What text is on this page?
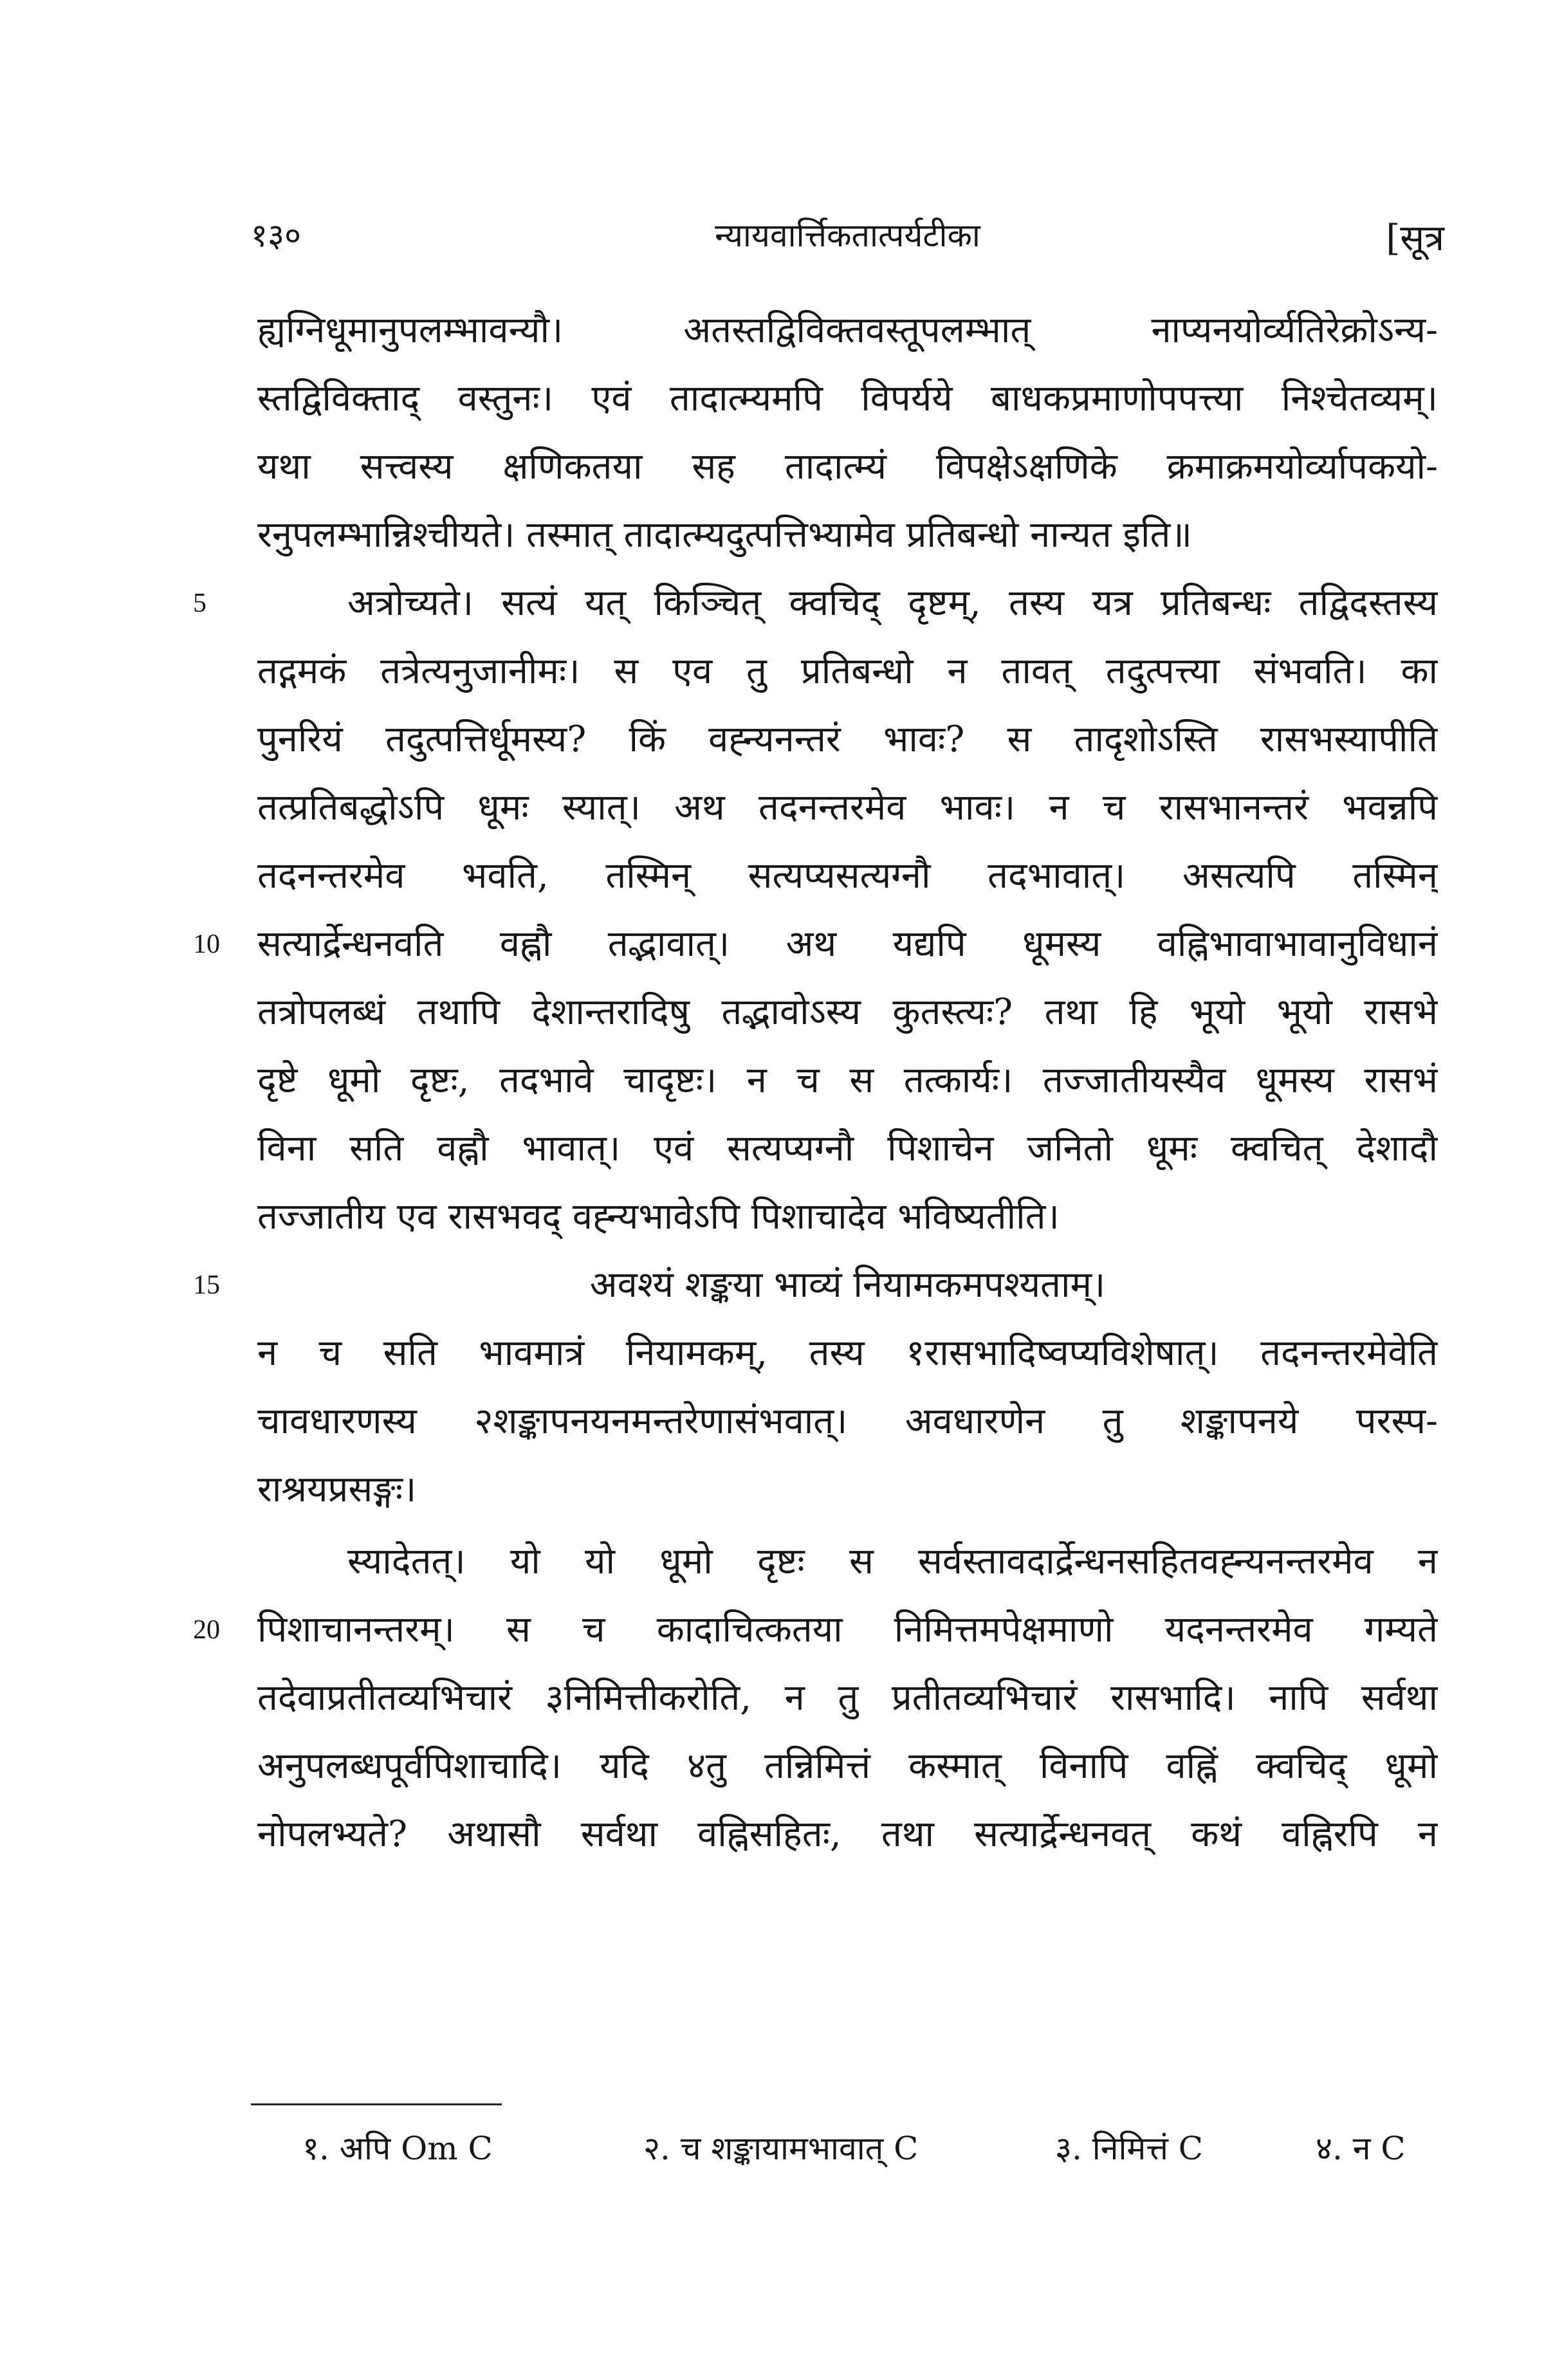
१३०	न्यायवार्त्तिकतात्पर्यटीका	[सूत्र
ह्यग्निधूमानुपलम्भावन्यौ। अतस्तद्विविक्तवस्तूपलम्भात् नाप्यनयोर्व्यतिरेक्रोऽन्य-
स्तद्विविक्ताद् वस्तुनः। एवं तादात्म्यमपि विपर्यये बाधकप्रमाणोपपत्त्या निश्चेतव्यम्।
यथा सत्त्वस्य क्षणिकतया सह तादात्म्यं विपक्षेऽक्षणिके क्रमाक्रमयोर्व्यापकयो-
रनुपलम्भान्निश्चीयते। तस्मात् तादात्म्यदुत्पत्तिभ्यामेव प्रतिबन्धो नान्यत इति॥
5	अत्रोच्यते। सत्यं यत् किञ्चित् क्वचिद् दृष्टम्, तस्य यत्र प्रतिबन्धः तद्विदस्तस्य
तद्गमकं तत्रेत्यनुजानीमः। स एव तु प्रतिबन्धो न तावत् तदुत्पत्त्या संभवति। का
पुनरियं तदुत्पत्तिर्धूमस्य? किं वह्न्यनन्तरं भावः? स तादृशोऽस्ति रासभस्यापीति
तत्प्रतिबद्धोऽपि धूमः स्यात्। अथ तदनन्तरमेव भावः। न च रासभानन्तरं भवन्नपि
तदनन्तरमेव भवति, तस्मिन् सत्यप्यसत्यग्नौ तदभावात्। असत्यपि तस्मिन्
10 सत्यार्द्रेन्धनवति वह्नौ तद्भावात्। अथ यद्यपि धूमस्य वह्निभावाभावानुविधानं
तत्रोपलब्धं तथापि देशान्तरादिषु तद्भावोऽस्य कुतस्त्यः? तथा हि भूयो भूयो रासभे
दृष्टे धूमो दृष्टः, तदभावे चादृष्टः। न च स तत्कार्यः। तज्जातीयस्यैव धूमस्य रासभं
विना सति वह्नौ भावात्। एवं सत्यप्यग्नौ पिशाचेन जनितो धूमः क्वचित् देशादौ
तज्जातीय एव रासभवद् वह्न्यभावेऽपि पिशाचादेव भविष्यतीति।
15	अवश्यं शङ्कया भाव्यं नियामकमपश्यताम्।
न च सति भावमात्रं नियामकम्, तस्य १रासभादिष्वप्यविशेषात्। तदनन्तरमेवेति
चावधारणस्य २शङ्कापनयनमन्तरेणासंभवात्। अवधारणेन तु शङ्कापनये परस्प-
राश्रयप्रसङ्गः।
स्यादेतत्। यो यो धूमो दृष्टः स सर्वस्तावदार्द्रेन्धनसहितवह्न्यनन्तरमेव न
20 पिशाचानन्तरम्। स च कादाचित्कतया निमित्तमपेक्षमाणो यदनन्तरमेव गम्यते
तदेवाप्रतीतव्यभिचारं ३निमित्तीकरोति, न तु प्रतीतव्यभिचारं रासभादि। नापि सर्वथा
अनुपलब्धपूर्वपिशाचादि। यदि ४तु तन्निमित्तं कस्मात् विनापि वह्निं क्वचिद् धूमो
नोपलभ्यते? अथासौ सर्वथा वह्निसहितः, तथा सत्यार्द्रेन्धनवत् कथं वह्निरपि न
१. अपि Om C	२. च शङ्कायामभावात् C	३. निमित्तं C	४. न C
